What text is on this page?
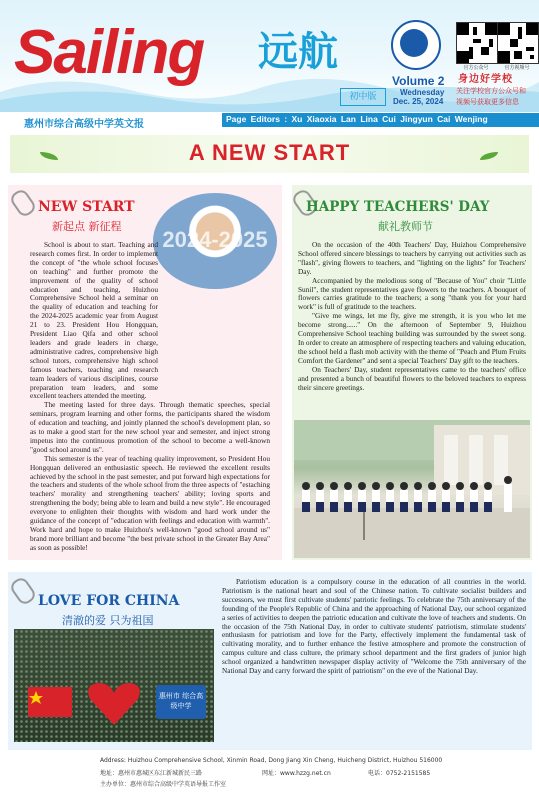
Sailing 远航
初中版
Volume 2
Wednesday
Dec. 25, 2024
官方公众号	官方视频号
身边好学校
关注学校官方公众号和
视频号获取更多信息
惠州市综合高级中学英文报	Page Editors : Xu Xiaoxia Lan Lina Cui Jingyun Cai Wenjing
A NEW START
NEW START
新起点 新征程
2024-2025

School is about to start. Teaching and research comes first. In order to implement the concept of "the whole school focuses on teaching" and further promote the improvement of the quality of school education and teaching, Huizhou Comprehensive School held a seminar on the quality of education and teaching for the 2024-2025 academic year from August 21 to 23. President Hou Hongquan, President Liao Qifa and other school leaders and grade leaders in charge, administrative cadres, comprehensive high school tutors, comprehensive high school famous teachers, teaching and research team leaders of various disciplines, course preparation team leaders, and some excellent teachers attended the meeting.

The meeting lasted for three days. Through thematic speeches, special seminars, program learning and other forms, the participants shared the wisdom of education and teaching, and jointly planned the school's development plan, so as to make a good start for the new school year and semester, and inject strong impetus into the continuous promotion of the school to become a well-known "good school around us".

This semester is the year of teaching quality improvement, so President Hou Hongquan delivered an enthusiastic speech. He reviewed the excellent results achieved by the school in the past semester, and put forward high expectations for the teachers and students of the whole school from the three aspects of "estaching teachers' morality and strengthening teachers' ability; loving sports and strengthening the body; being able to learn and build a new style". He encouraged everyone to enlighten their thoughts with wisdom and hard work under the guidance of the concept of "education with feelings and education with warmth". Work hard and hope to make Huizhou's well-known "good school around us" brand more brilliant and become "the best private school in the Greater Bay Area" as soon as possible!

HAPPY TEACHERS' DAY
献礼教师节

On the occasion of the 40th Teachers' Day, Huizhou Comprehensive School offered sincere blessings to teachers by carrying out activities such as "flash", giving flowers to teachers, and "lighting on the lights" for Teachers' Day.

Accompanied by the melodious song of "Because of You" choir "Little Sunil", the student representatives gave flowers to the teachers. A bouquet of flowers carries gratitude to the teachers; a song "thank you for your hard work" is full of gratitude to the teachers.

"Give me wings, let me fly, give me strength, it is you who let me become strong......" On the afternoon of September 9, Huizhou Comprehensive School teaching building was surrounded by the sweet song. In order to create an atmosphere of respecting teachers and valuing education, the school held a flash mob activity with the theme of "Peach and Plum Fruits Comfort the Gardener" and sent a special Teachers' Day gift to the teachers.

On Teachers' Day, student representatives came to the teachers' office and presented a bunch of beautiful flowers to the beloved teachers to express their sincere greetings.

LOVE FOR CHINA
清澈的爱 只为祖国
惠州市 综合高级中学

Patriotism education is a compulsory course in the education of all countries in the world. Patriotism is the national heart and soul of the Chinese nation. To cultivate socialist builders and successors, we must first cultivate students' patriotic feelings. To celebrate the 75th anniversary of the founding of the People's Republic of China and the approaching of National Day, our school organized a series of activities to deepen the patriotic education and cultivate the love of teachers and students. On the occasion of the 75th National Day, in order to cultivate students' patriotism, stimulate students' enthusiasm for patriotism and love for the Party, effectively implement the fundamental task of cultivating morality, and to further enhance the festive atmosphere and promote the construction of campus culture and class culture, the primary school department and the first graders of junior high school organized a handwritten newspaper display activity of "Welcome the 75th anniversary of the National Day and carry forward the spirit of patriotism" on the eve of the National Day.

Address: Huizhou Comprehensive School, Xinmin Road, Dong Jiang Xin Cheng, Huicheng District, Huizhou 516000
地址：惠州市惠城区东江新城新民三路	网址：www.hzzg.net.cn	电话：0752-2151585
主办单位：惠州市综合高级中学英语导报工作室
